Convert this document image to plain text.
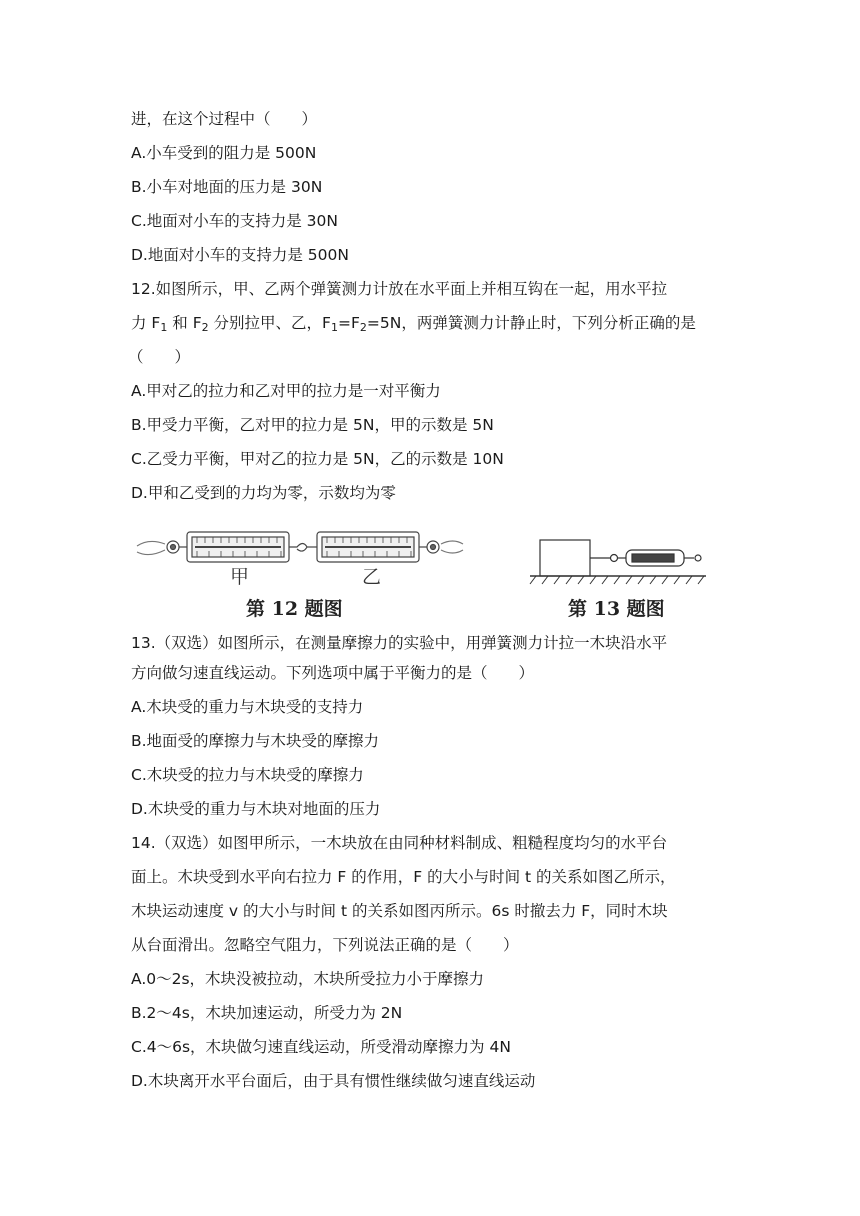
进，在这个过程中（　　）
A.小车受到的阻力是 500N
B.小车对地面的压力是 30N
C.地面对小车的支持力是 30N
D.地面对小车的支持力是 500N
12.如图所示，甲、乙两个弹簧测力计放在水平面上并相互钩在一起，用水平拉
力 $F_1$ 和 $F_2$ 分别拉甲、乙，$F_1=F_2=5N$，两弹簧测力计静止时，下列分析正确的是
（　　）
A.甲对乙的拉力和乙对甲的拉力是一对平衡力
B.甲受力平衡，乙对甲的拉力是 5N，甲的示数是 5N
C.乙受力平衡，甲对乙的拉力是 5N，乙的示数是 10N
D.甲和乙受到的力均为零，示数均为零
甲	乙
第 12 题图	第 13 题图
13.（双选）如图所示，在测量摩擦力的实验中，用弹簧测力计拉一木块沿水平
方向做匀速直线运动。下列选项中属于平衡力的是（　　）
A.木块受的重力与木块受的支持力
B.地面受的摩擦力与木块受的摩擦力
C.木块受的拉力与木块受的摩擦力
D.木块受的重力与木块对地面的压力
14.（双选）如图甲所示，一木块放在由同种材料制成、粗糙程度均匀的水平台
面上。木块受到水平向右拉力 F 的作用，F 的大小与时间 t 的关系如图乙所示，
木块运动速度 v 的大小与时间 t 的关系如图丙所示。6s 时撤去力 F，同时木块
从台面滑出。忽略空气阻力，下列说法正确的是（　　）
A.0～2s，木块没被拉动，木块所受拉力小于摩擦力
B.2～4s，木块加速运动，所受力为 2N
C.4～6s，木块做匀速直线运动，所受滑动摩擦力为 4N
D.木块离开水平台面后，由于具有惯性继续做匀速直线运动
